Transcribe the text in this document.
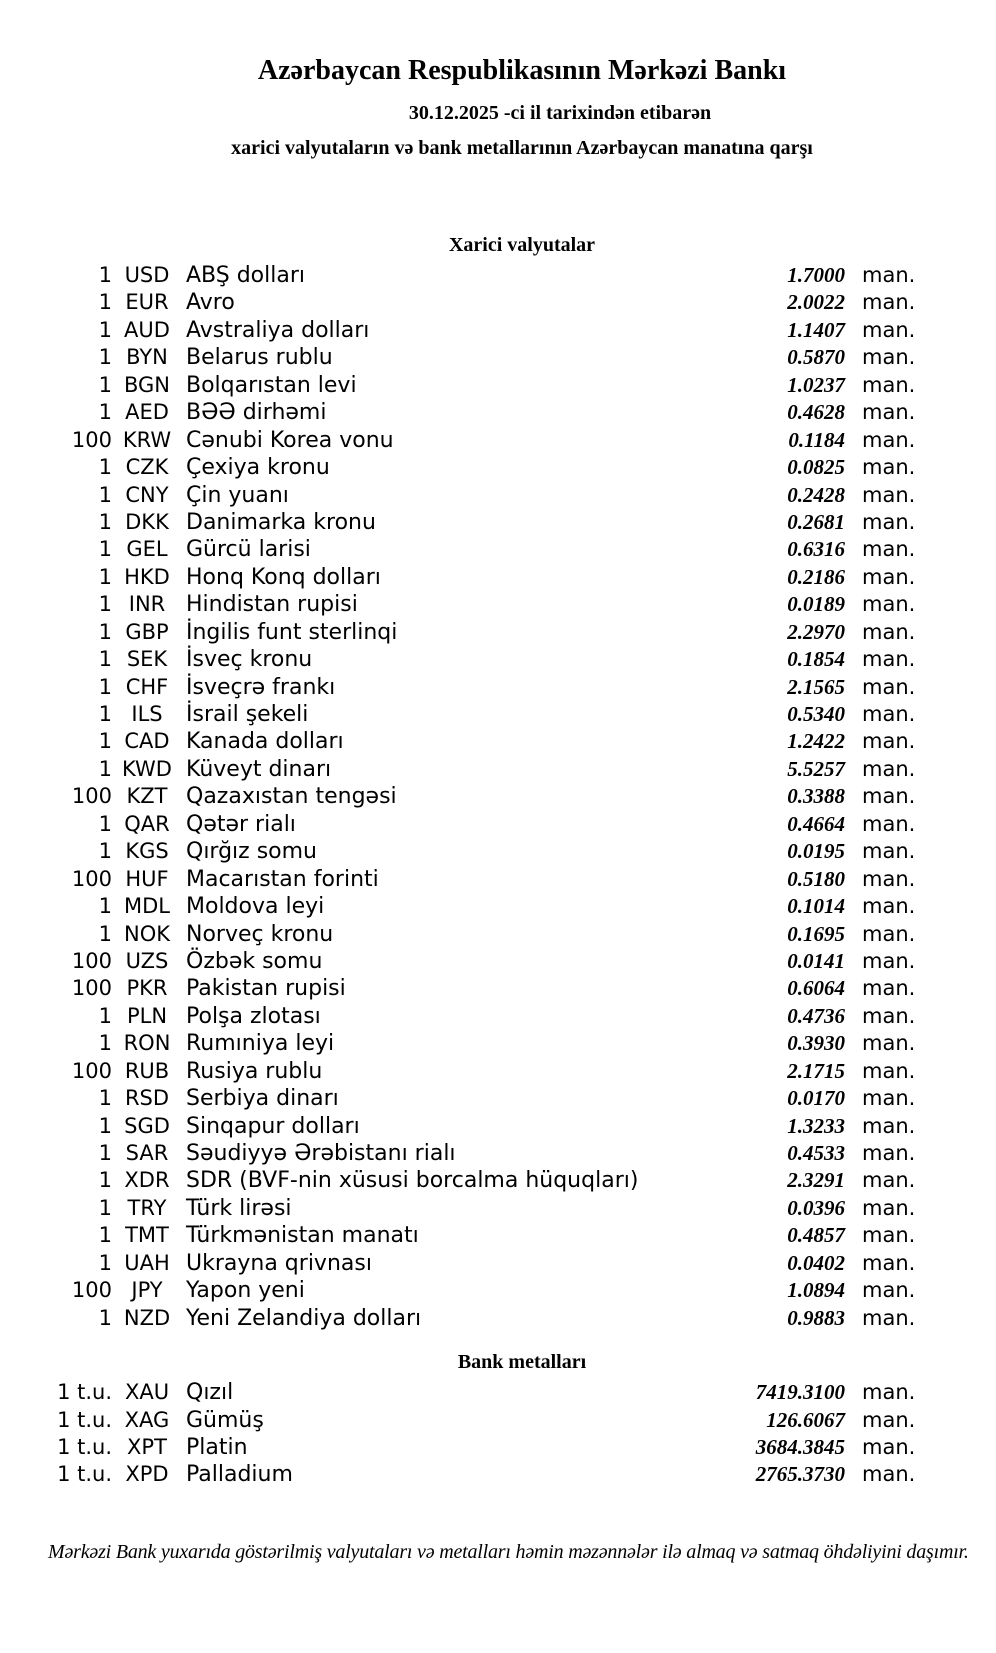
Azərbaycan Respublikasının Mərkəzi Bankı
30.12.2025 -ci il tarixindən etibarən
xarici valyutaların və bank metallarının Azərbaycan manatına qarşı
Xarici valyutalar
1 USD ABŞ dolları	1.7000 man.
1 EUR Avro	2.0022 man.
1 AUD Avstraliya dolları	1.1407 man.
1 BYN Belarus rublu	0.5870 man.
1 BGN Bolqarıstan levi	1.0237 man.
1 AED BƏƏ dirhəmi	0.4628 man.
100 KRW Cənubi Korea vonu	0.1184 man.
1 CZK Çexiya kronu	0.0825 man.
1 CNY Çin yuanı	0.2428 man.
1 DKK Danimarka kronu	0.2681 man.
1 GEL Gürcü larisi	0.6316 man.
1 HKD Honq Konq dolları	0.2186 man.
1 INR Hindistan rupisi	0.0189 man.
1 GBP İngilis funt sterlinqi	2.2970 man.
1 SEK İsveç kronu	0.1854 man.
1 CHF İsveçrə frankı	2.1565 man.
1 ILS	İsrail şekeli	0.5340 man.
1 CAD Kanada dolları	1.2422 man.
1 KWD Küveyt dinarı	5.5257 man.
100 KZT Qazaxıstan tengəsi	0.3388 man.
1 QAR Qətər rialı	0.4664 man.
1 KGS Qırğız somu	0.0195 man.
100 HUF Macarıstan forinti	0.5180 man.
1 MDL Moldova leyi	0.1014 man.
1 NOK Norveç kronu	0.1695 man.
100 UZS Özbək somu	0.0141 man.
100 PKR Pakistan rupisi	0.6064 man.
1 PLN Polşa zlotası	0.4736 man.
1 RON Rumıniya leyi	0.3930 man.
100 RUB Rusiya rublu	2.1715 man.
1 RSD Serbiya dinarı	0.0170 man.
1 SGD Sinqapur dolları	1.3233 man.
1 SAR Səudiyyə Ərəbistanı rialı	0.4533 man.
1 XDR SDR (BVF-nin xüsusi borcalma hüquqları)	2.3291 man.
1 TRY Türk lirəsi	0.0396 man.
1 TMT Türkmənistan manatı	0.4857 man.
1 UAH Ukrayna qrivnası	0.0402 man.
100 JPY	Yapon yeni	1.0894 man.
1 NZD Yeni Zelandiya dolları	0.9883 man.
Bank metalları
1 t.u. XAU Qızıl	7419.3100 man.
1 t.u. XAG Gümüş	126.6067 man.
1 t.u. XPT Platin	3684.3845 man.
1 t.u. XPD Palladium	2765.3730 man.
Mərkəzi Bank yuxarıda göstərilmiş valyutaları və metalları həmin məzənnələr ilə almaq və satmaq öhdəliyini daşımır.
